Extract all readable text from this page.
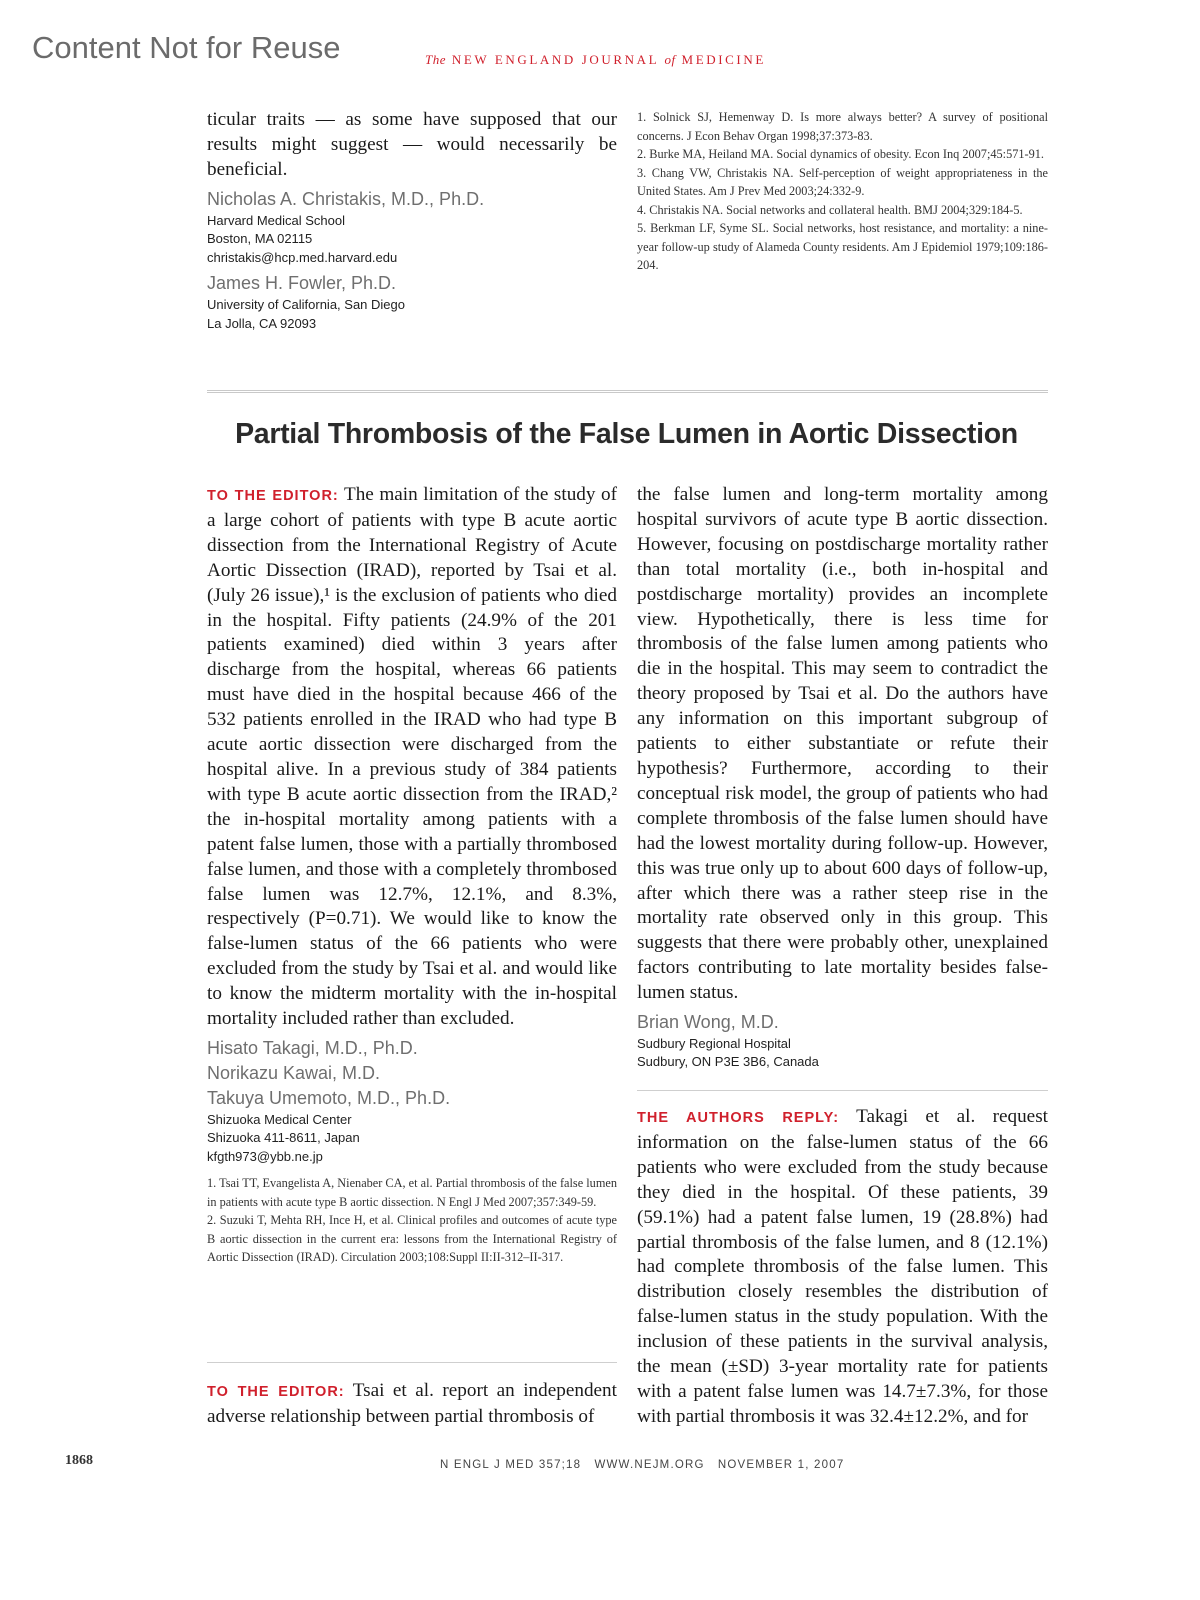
Content Not for Reuse	The NEW ENGLAND JOURNAL of MEDICINE
ticular traits — as some have supposed that our results might suggest — would necessarily be beneficial.
Nicholas A. Christakis, M.D., Ph.D.
Harvard Medical School
Boston, MA 02115
christakis@hcp.med.harvard.edu
James H. Fowler, Ph.D.
University of California, San Diego
La Jolla, CA 92093

1. Solnick SJ, Hemenway D. Is more always better? A survey of positional concerns. J Econ Behav Organ 1998;37:373-83.

2. Burke MA, Heiland MA. Social dynamics of obesity. Econ Inq 2007;45:571-91.

3. Chang VW, Christakis NA. Self-perception of weight appropriateness in the United States. Am J Prev Med 2003;24:332-9.

4. Christakis NA. Social networks and collateral health. BMJ 2004;329:184-5.

5. Berkman LF, Syme SL. Social networks, host resistance, and mortality: a nine-year follow-up study of Alameda County residents. Am J Epidemiol 1979;109:186-204.

Partial Thrombosis of the False Lumen in Aortic Dissection
TO THE EDITOR: The main limitation of the study of a large cohort of patients with type B acute aortic dissection from the International Registry of Acute Aortic Dissection (IRAD), reported by Tsai et al. (July 26 issue),¹ is the exclusion of patients who died in the hospital. Fifty patients (24.9% of the 201 patients examined) died within 3 years after discharge from the hospital, whereas 66 patients must have died in the hospital because 466 of the 532 patients enrolled in the IRAD who had type B acute aortic dissection were discharged from the hospital alive. In a previous study of 384 patients with type B acute aortic dissection from the IRAD,² the in-hospital mortality among patients with a patent false lumen, those with a partially thrombosed false lumen, and those with a completely thrombosed false lumen was 12.7%, 12.1%, and 8.3%, respectively (P=0.71). We would like to know the false-lumen status of the 66 patients who were excluded from the study by Tsai et al. and would like to know the midterm mortality with the in-hospital mortality included rather than excluded.
Hisato Takagi, M.D., Ph.D.
Norikazu Kawai, M.D.
Takuya Umemoto, M.D., Ph.D.
Shizuoka Medical Center
Shizuoka 411-8611, Japan
kfgth973@ybb.ne.jp

1. Tsai TT, Evangelista A, Nienaber CA, et al. Partial thrombosis of the false lumen in patients with acute type B aortic dissection. N Engl J Med 2007;357:349-59.

2. Suzuki T, Mehta RH, Ince H, et al. Clinical profiles and outcomes of acute type B aortic dissection in the current era: lessons from the International Registry of Aortic Dissection (IRAD). Circulation 2003;108:Suppl II:II-312–II-317.

TO THE EDITOR: Tsai et al. report an independent adverse relationship between partial thrombosis of
the false lumen and long-term mortality among hospital survivors of acute type B aortic dissection. However, focusing on postdischarge mortality rather than total mortality (i.e., both in-hospital and postdischarge mortality) provides an incomplete view. Hypothetically, there is less time for thrombosis of the false lumen among patients who die in the hospital. This may seem to contradict the theory proposed by Tsai et al. Do the authors have any information on this important subgroup of patients to either substantiate or refute their hypothesis? Furthermore, according to their conceptual risk model, the group of patients who had complete thrombosis of the false lumen should have had the lowest mortality during follow-up. However, this was true only up to about 600 days of follow-up, after which there was a rather steep rise in the mortality rate observed only in this group. This suggests that there were probably other, unexplained factors contributing to late mortality besides false-lumen status.
Brian Wong, M.D.
Sudbury Regional Hospital
Sudbury, ON P3E 3B6, Canada
THE AUTHORS REPLY: Takagi et al. request information on the false-lumen status of the 66 patients who were excluded from the study because they died in the hospital. Of these patients, 39 (59.1%) had a patent false lumen, 19 (28.8%) had partial thrombosis of the false lumen, and 8 (12.1%) had complete thrombosis of the false lumen. This distribution closely resembles the distribution of false-lumen status in the study population. With the inclusion of these patients in the survival analysis, the mean (±SD) 3-year mortality rate for patients with a patent false lumen was 14.7±7.3%, for those with partial thrombosis it was 32.4±12.2%, and for
1868	N ENGL J MED 357;18   WWW.NEJM.ORG   NOVEMBER 1, 2007
